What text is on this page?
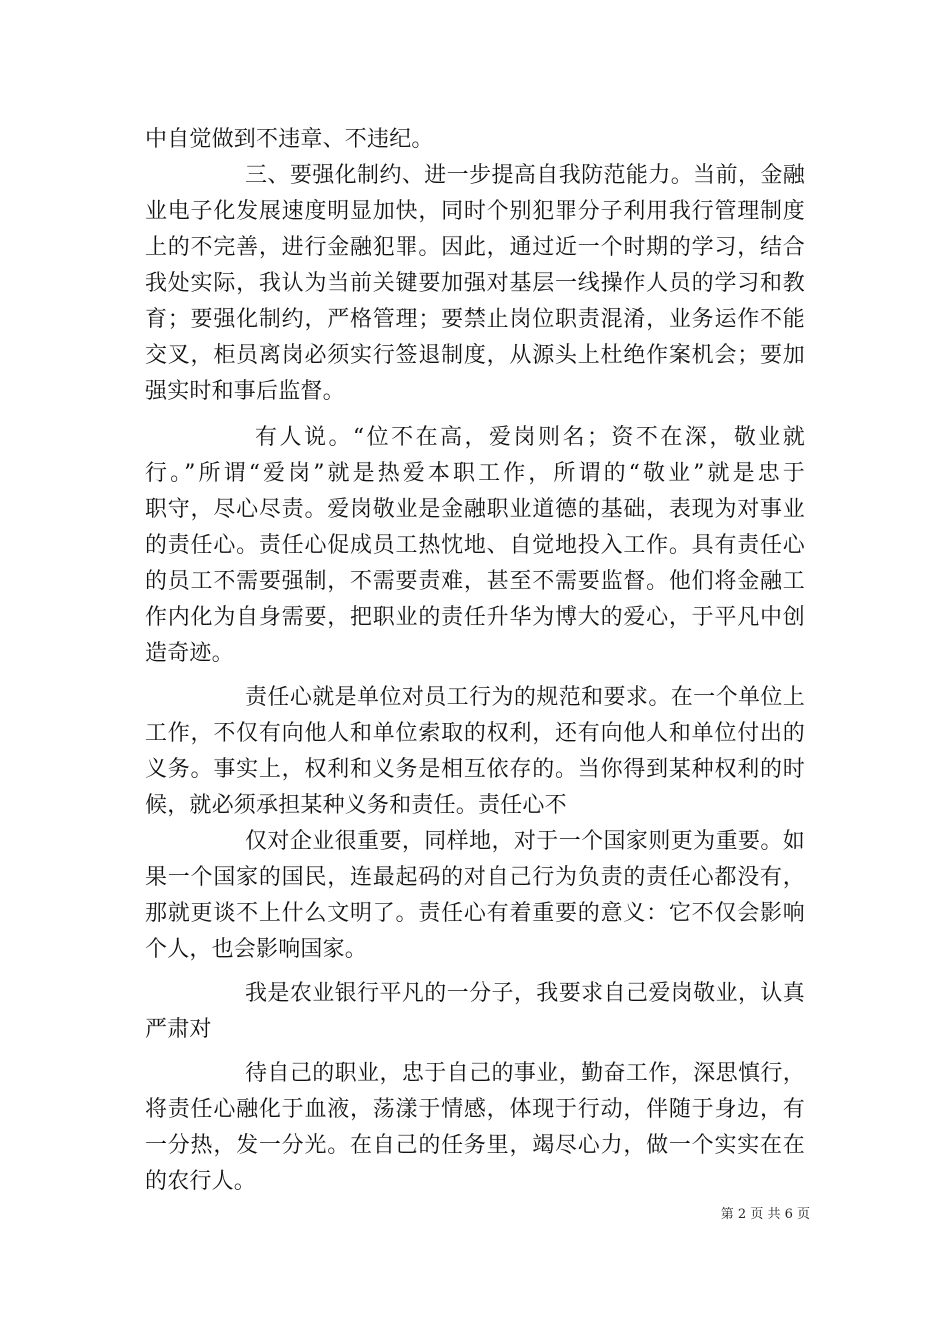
中自觉做到不违章、不违纪。
三、要强化制约、进一步提高自我防范能力。当前，金融
业电子化发展速度明显加快，同时个别犯罪分子利用我行管理制度
上的不完善，进行金融犯罪。因此，通过近一个时期的学习，结合
我处实际，我认为当前关键要加强对基层一线操作人员的学习和教
育；要强化制约，严格管理；要禁止岗位职责混淆，业务运作不能
交叉，柜员离岗必须实行签退制度，从源头上杜绝作案机会；要加
强实时和事后监督。
有人说。“位不在高，爱岗则名；资不在深，敬业就
行。”所谓“爱岗”就是热爱本职工作，所谓的“敬业”就是忠于
职守，尽心尽责。爱岗敬业是金融职业道德的基础，表现为对事业
的责任心。责任心促成员工热忱地、自觉地投入工作。具有责任心
的员工不需要强制，不需要责难，甚至不需要监督。他们将金融工
作内化为自身需要，把职业的责任升华为博大的爱心，于平凡中创
造奇迹。
责任心就是单位对员工行为的规范和要求。在一个单位上
工作，不仅有向他人和单位索取的权利，还有向他人和单位付出的
义务。事实上，权利和义务是相互依存的。当你得到某种权利的时
候，就必须承担某种义务和责任。责任心不
仅对企业很重要，同样地，对于一个国家则更为重要。如
果一个国家的国民，连最起码的对自己行为负责的责任心都没有，
那就更谈不上什么文明了。责任心有着重要的意义：它不仅会影响
个人，也会影响国家。
我是农业银行平凡的一分子，我要求自己爱岗敬业，认真
严肃对
待自己的职业，忠于自己的事业，勤奋工作，深思慎行，
将责任心融化于血液，荡漾于情感，体现于行动，伴随于身边，有
一分热，发一分光。在自己的任务里，竭尽心力，做一个实实在在
的农行人。
第 2 页 共 6 页
